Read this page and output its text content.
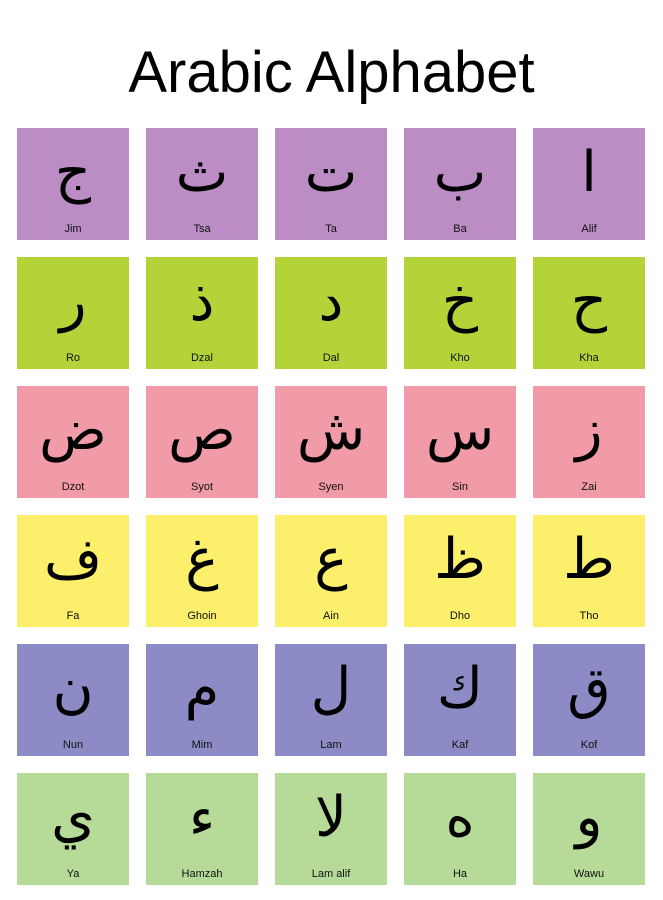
Arabic Alphabet
ج
Jim
ث
Tsa
ت
Ta
ب
Ba
ا
Alif
ر
Ro
ذ
Dzal
د
Dal
خ
Kho
ح
Kha
ض
Dzot
ص
Syot
ش
Syen
س
Sin
ز
Zai
ف
Fa
غ
Ghoin
ع
Ain
ظ
Dho
ط
Tho
ن
Nun
م
Mim
ل
Lam
ك
Kaf
ق
Kof
ي
Ya
ء
Hamzah
لا
Lam alif
ه
Ha
و
Wawu
